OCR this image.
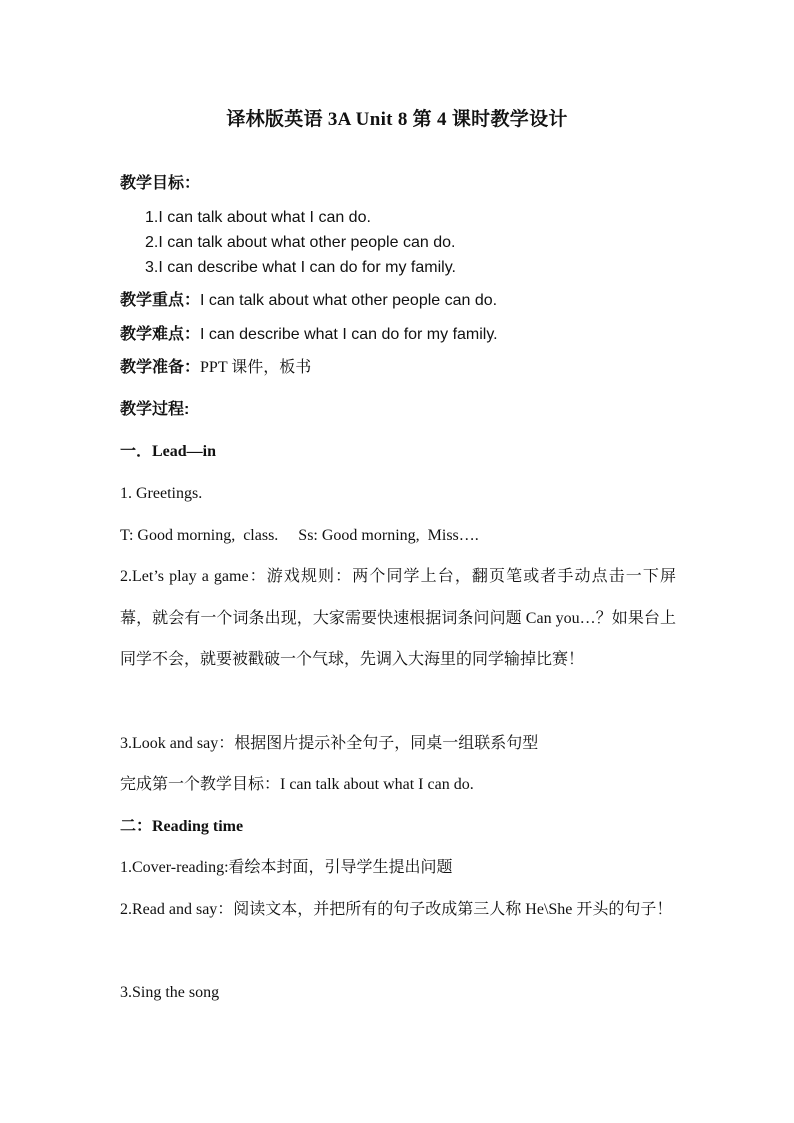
译林版英语 3A Unit 8 第 4 课时教学设计
教学目标：
1.I can talk about what I can do.
2.I can talk about what other people can do.
3.I can describe what I can do for my family.
教学重点：I can talk about what other people can do.
教学难点：I can describe what I can do for my family.
教学准备：PPT 课件，板书
教学过程:
一．Lead—in
1. Greetings.
T: Good morning,  class.     Ss: Good morning,  Miss….
2.Let’s play a game：游戏规则：两个同学上台，翻页笔或者手动点击一下屏幕，就会有一个词条出现，大家需要快速根据词条问问题 Can you…？如果台上同学不会，就要被戳破一个气球，先调入大海里的同学输掉比赛！
3.Look and say：根据图片提示补全句子，同桌一组联系句型
完成第一个教学目标：I can talk about what I can do.
二：Reading time
1.Cover-reading:看绘本封面，引导学生提出问题
2.Read and say：阅读文本，并把所有的句子改成第三人称 He\She 开头的句子！
3.Sing the song
